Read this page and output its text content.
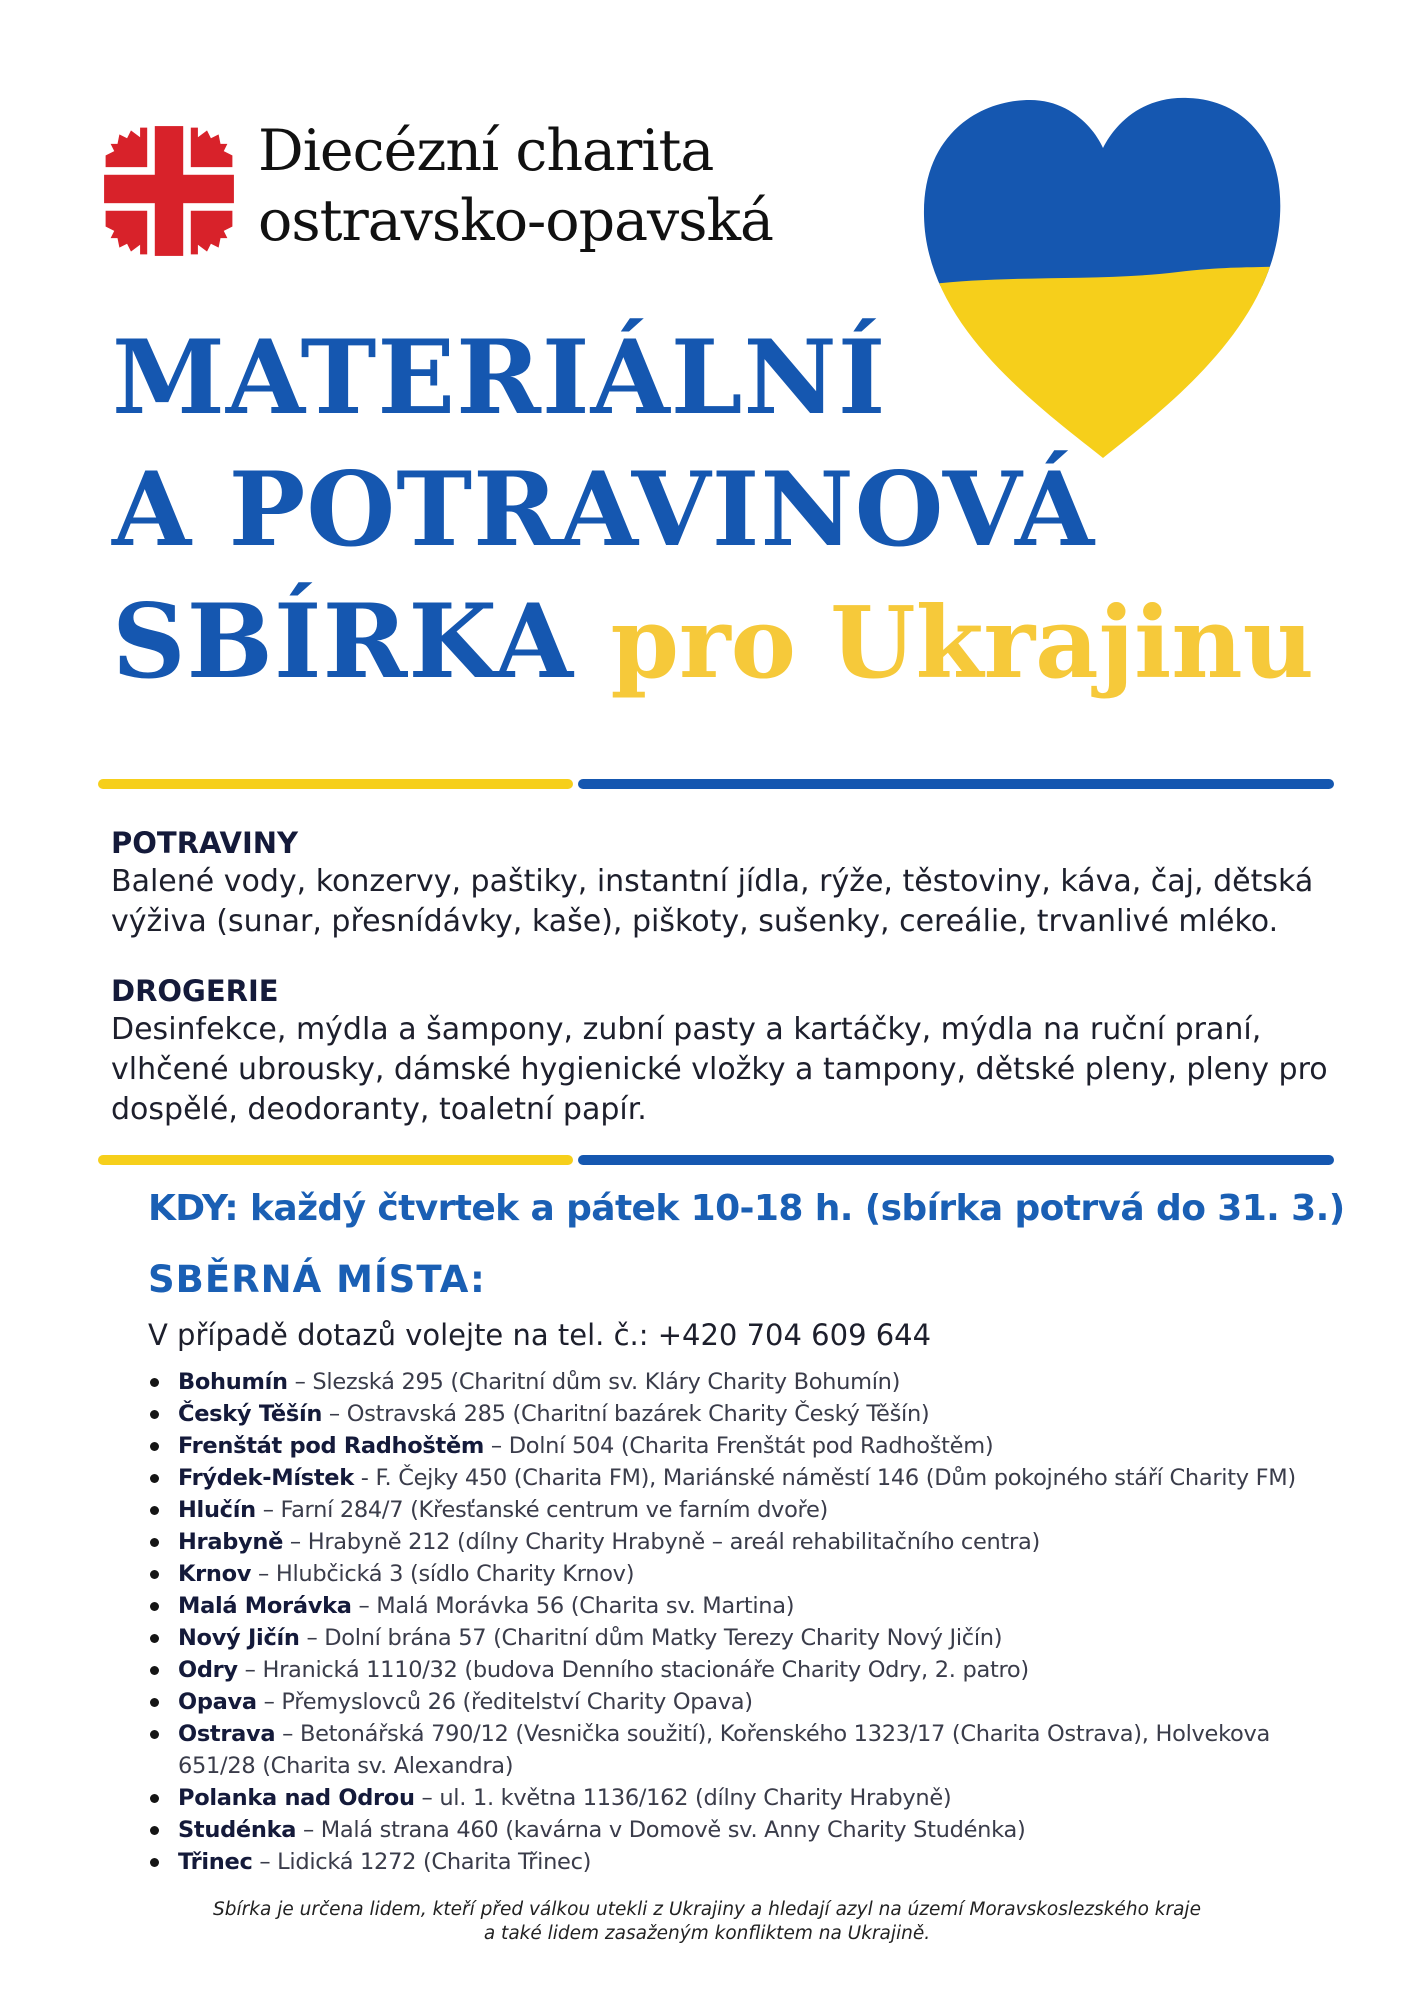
Diecézní charita
ostravsko-opavská
MATERIÁLNÍ
A POTRAVINOVÁ
SBÍRKA pro Ukrajinu
POTRAVINY
Balené vody, konzervy, paštiky, instantní jídla, rýže, těstoviny, káva, čaj, dětská výživa (sunar, přesnídávky, kaše), piškoty, sušenky, cereálie, trvanlivé mléko.
DROGERIE
Desinfekce, mýdla a šampony, zubní pasty a kartáčky, mýdla na ruční praní, vlhčené ubrousky, dámské hygienické vložky a tampony, dětské pleny, pleny pro dospělé, deodoranty, toaletní papír.
KDY: každý čtvrtek a pátek 10-18 h. (sbírka potrvá do 31. 3.)
SBĚRNÁ MÍSTA:
V případě dotazů volejte na tel. č.: +420 704 609 644
Bohumín – Slezská 295 (Charitní dům sv. Kláry Charity Bohumín)
Český Těšín – Ostravská 285 (Charitní bazárek Charity Český Těšín)
Frenštát pod Radhoštěm – Dolní 504 (Charita Frenštát pod Radhoštěm)
Frýdek-Místek - F. Čejky 450 (Charita FM), Mariánské náměstí 146 (Dům pokojného stáří Charity FM)
Hlučín – Farní 284/7 (Křesťanské centrum ve farním dvoře)
Hrabyně – Hrabyně 212 (dílny Charity Hrabyně – areál rehabilitačního centra)
Krnov – Hlubčická 3 (sídlo Charity Krnov)
Malá Morávka – Malá Morávka 56 (Charita sv. Martina)
Nový Jičín – Dolní brána 57 (Charitní dům Matky Terezy Charity Nový Jičín)
Odry – Hranická 1110/32 (budova Denního stacionáře Charity Odry, 2. patro)
Opava – Přemyslovců 26 (ředitelství Charity Opava)
Ostrava – Betonářská 790/12 (Vesnička soužití), Kořenského 1323/17 (Charita Ostrava), Holvekova 651/28 (Charita sv. Alexandra)
Polanka nad Odrou – ul. 1. května 1136/162 (dílny Charity Hrabyně)
Studénka – Malá strana 460 (kavárna v Domově sv. Anny Charity Studénka)
Třinec – Lidická 1272 (Charita Třinec)
Sbírka je určena lidem, kteří před válkou utekli z Ukrajiny a hledají azyl na území Moravskoslezského kraje
a také lidem zasaženým konfliktem na Ukrajině.
